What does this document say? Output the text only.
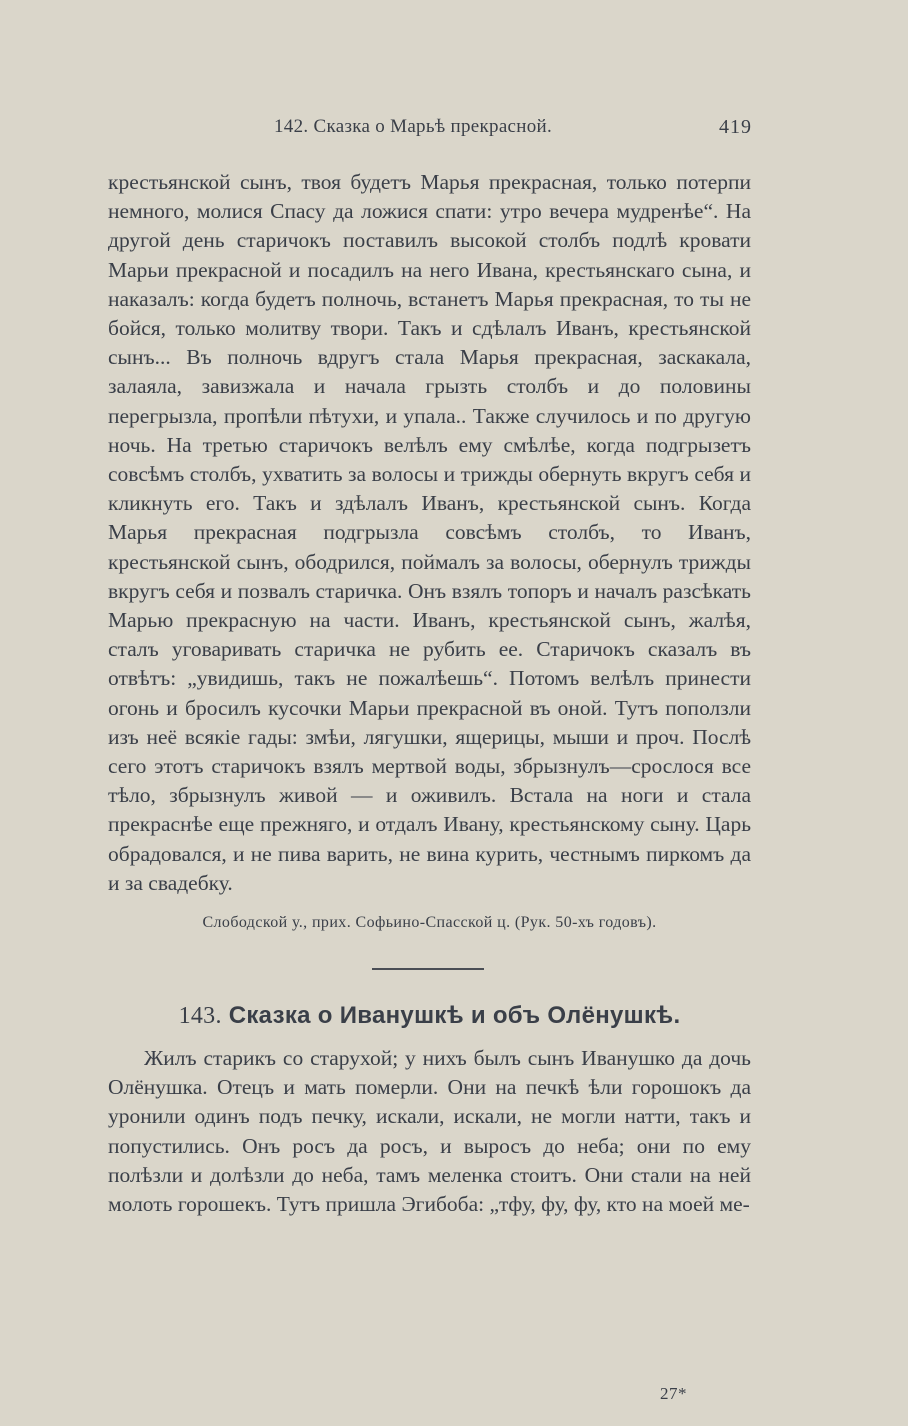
142. Сказка о Марьѣ прекрасной.	419

крестьянской сынъ, твоя будетъ Марья прекрасная, только потерпи немного, молися Спасу да ложися спати: утро вечера мудренѣе“. На другой день старичокъ поставилъ высокой столбъ подлѣ кровати Марьи прекрасной и посадилъ на него Ивана, крестьянскаго сына, и наказалъ: когда будетъ полночь, встанетъ Марья прекрасная, то ты не бойся, только молитву твори. Такъ и сдѣлалъ Иванъ, крестьянской сынъ... Въ полночь вдругъ стала Марья прекрасная, заскакала, залаяла, завизжала и начала грызть столбъ и до половины перегрызла, пропѣли пѣтухи, и упала.. Также случилось и по другую ночь. На третью старичокъ велѣлъ ему смѣлѣе, когда подгрызетъ совсѣмъ столбъ, ухватить за волосы и трижды обернуть вкругъ себя и кликнуть его. Такъ и здѣлалъ Иванъ, крестьянской сынъ. Когда Марья прекрасная подгрызла совсѣмъ столбъ, то Иванъ, крестьянской сынъ, ободрился, поймалъ за волосы, обернулъ трижды вкругъ себя и позвалъ старичка. Онъ взялъ топоръ и началъ разсѣкать Марью прекрасную на части. Иванъ, крестьянской сынъ, жалѣя, сталъ уговаривать старичка не рубить ее. Старичокъ сказалъ въ отвѣтъ: „увидишь, такъ не пожалѣешь“. Потомъ велѣлъ принести огонь и бросилъ кусочки Марьи прекрасной въ оной. Тутъ поползли изъ неё всякіе гады: змѣи, лягушки, ящерицы, мыши и проч. Послѣ сего этотъ старичокъ взялъ мертвой воды, збрызнулъ—срослося все тѣло, збрызнулъ живой — и оживилъ. Встала на ноги и стала прекраснѣе еще прежняго, и отдалъ Ивану, крестьянскому сыну. Царь обрадовался, и не пива варить, не вина курить, честнымъ пиркомъ да и за свадебку.

Слободской у., прих. Софьино-Спасской ц. (Рук. 50-хъ годовъ).
143. Сказка о Иванушкѣ и объ Олёнушкѣ.

Жилъ старикъ со старухой; у нихъ былъ сынъ Иванушко да дочь Олёнушка. Отецъ и мать померли. Они на печкѣ ѣли горошокъ да уронили одинъ подъ печку, искали, искали, не могли натти, такъ и попустились. Онъ росъ да росъ, и выросъ до неба; они по ему полѣзли и долѣзли до неба, тамъ меленка стоитъ. Они стали на ней молоть горошекъ. Тутъ пришла Эгибоба: „тфу, фу, фу, кто на моей ме-

27*
